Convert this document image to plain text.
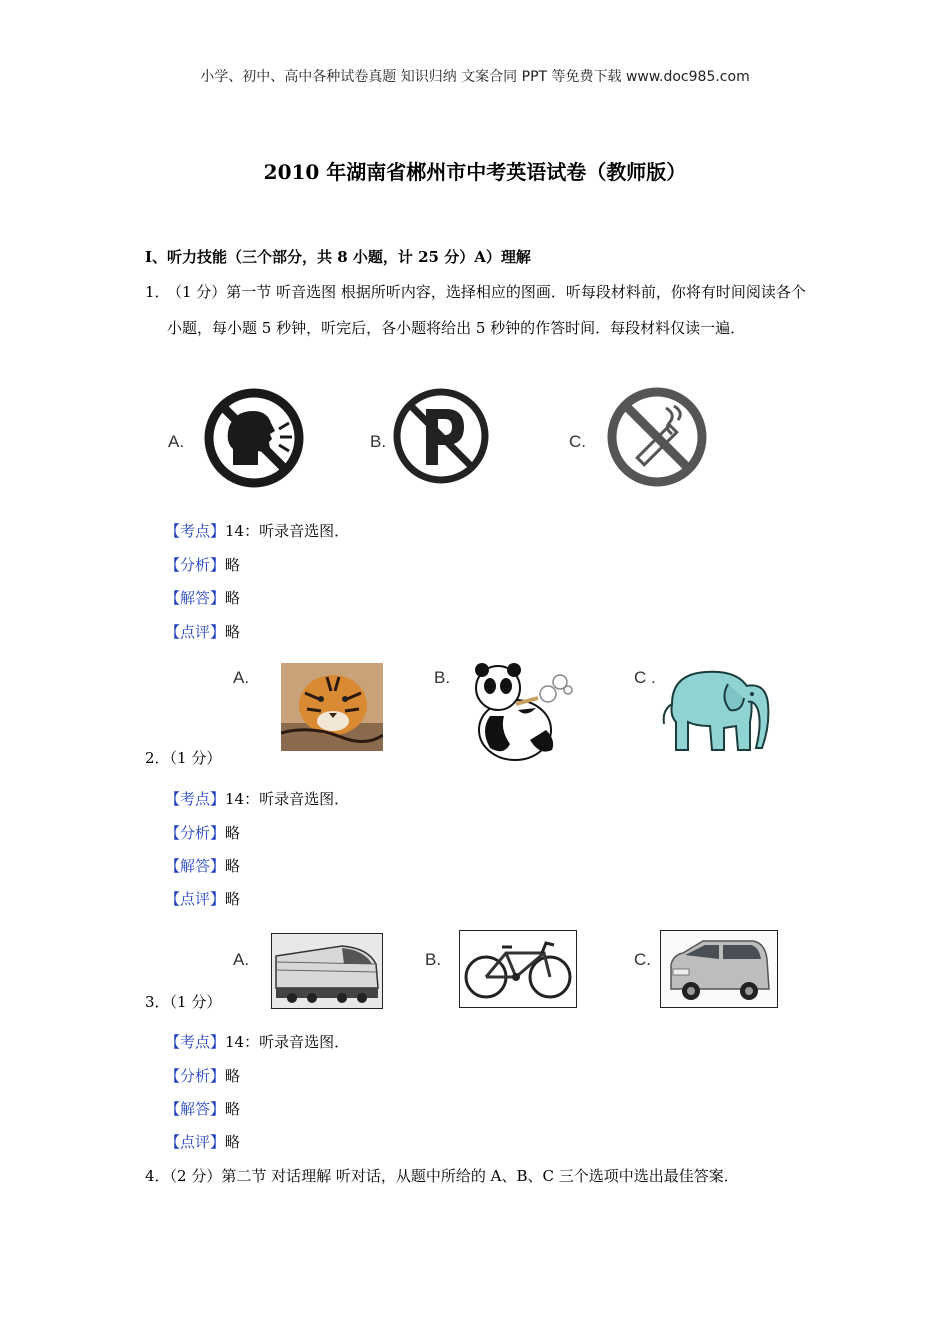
小学、初中、高中各种试卷真题 知识归纳 文案合同 PPT 等免费下载 www.doc985.com
2010 年湖南省郴州市中考英语试卷（教师版）
I、听力技能（三个部分，共 8 小题，计 25 分）A）理解
1．
（1 分）第一节 听音选图 根据所听内容，选择相应的图画．听每段材料前，你将有时间阅读各个小题，每小题 5 秒钟，听完后，各小题将给出 5 秒钟的作答时间．每段材料仅读一遍．
A.	B.	C.
【考点】14：听录音选图．
【分析】略
【解答】略
【点评】略
A.	B.	C .
2．（1 分）
【考点】14：听录音选图．
【分析】略
【解答】略
【点评】略
A.	B.	C.
3．（1 分）
【考点】14：听录音选图．
【分析】略
【解答】略
【点评】略
4．（2 分）第二节 对话理解 听对话，从题中所给的 A、B、C 三个选项中选出最佳答案．
